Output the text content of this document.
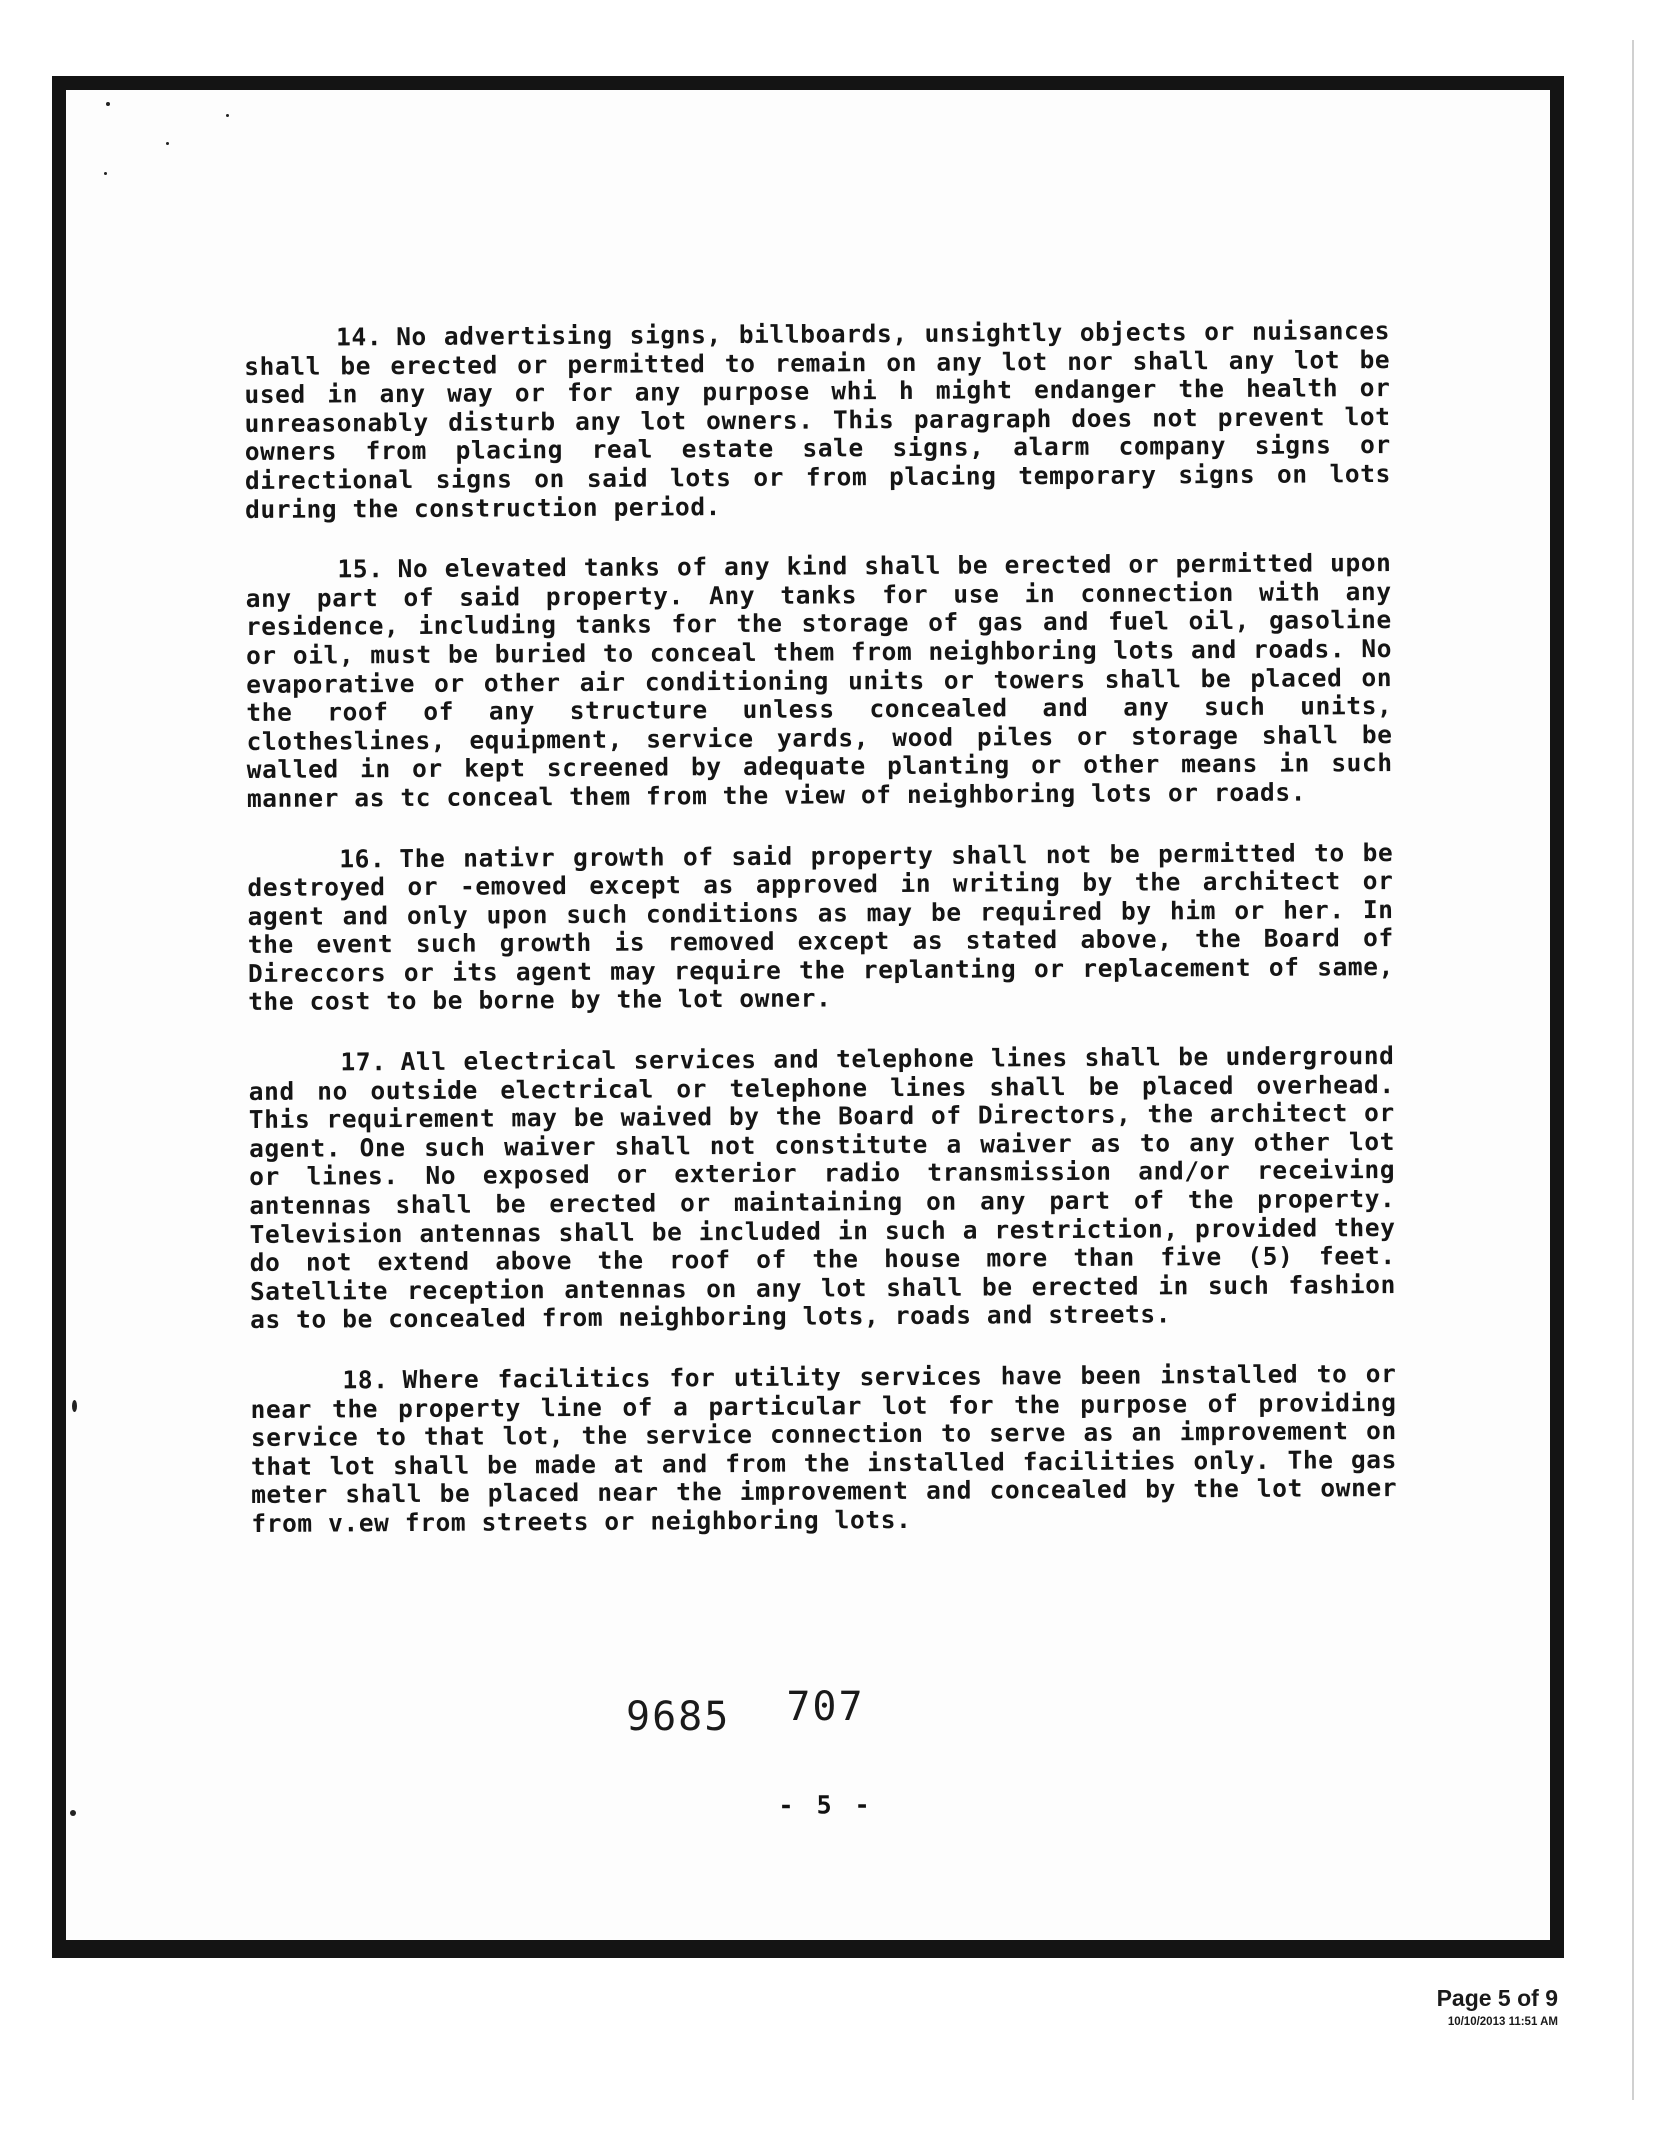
14. No advertising signs, billboards, unsightly objects or nuisances shall be erected or permitted to remain on any lot nor shall any lot be used in any way or for any purpose whi h might endanger the health or unreasonably disturb any lot owners. This paragraph does not prevent lot owners from placing real estate sale signs, alarm company signs or directional signs on said lots or from placing temporary signs on lots during the construction period.

15. No elevated tanks of any kind shall be erected or permitted upon any part of said property. Any tanks for use in connection with any residence, including tanks for the storage of gas and fuel oil, gasoline or oil, must be buried to conceal them from neighboring lots and roads. No evaporative or other air conditioning units or towers shall be placed on the roof of any structure unless concealed and any such units, clotheslines, equipment, service yards, wood piles or storage shall be walled in or kept screened by adequate planting or other means in such manner as tc conceal them from the view of neighboring lots or roads.

16. The nativr growth of said property shall not be permitted to be destroyed or -emoved except as approved in writing by the architect or agent and only upon such conditions as may be required by him or her. In the event such growth is removed except as stated above, the Board of Direccors or its agent may require the replanting or replacement of same, the cost to be borne by the lot owner.

17. All electrical services and telephone lines shall be underground and no outside electrical or telephone lines shall be placed overhead. This requirement may be waived by the Board of Directors, the architect or agent. One such waiver shall not constitute a waiver as to any other lot or lines. No exposed or exterior radio transmission and/or receiving antennas shall be erected or maintaining on any part of the property. Television antennas shall be included in such a restriction, provided they do not extend above the roof of the house more than five (5) feet. Satellite reception antennas on any lot shall be erected in such fashion as to be concealed from neighboring lots, roads and streets.

18. Where facilitics for utility services have been installed to or near the property line of a particular lot for the purpose of providing service to that lot, the service connection to serve as an improvement on that lot shall be made at and from the installed facilities only. The gas meter shall be placed near the improvement and concealed by the lot owner from v.ew from streets or neighboring lots.

- 5 -
9685 707
Page 5 of 9
10/10/2013 11:51 AM
